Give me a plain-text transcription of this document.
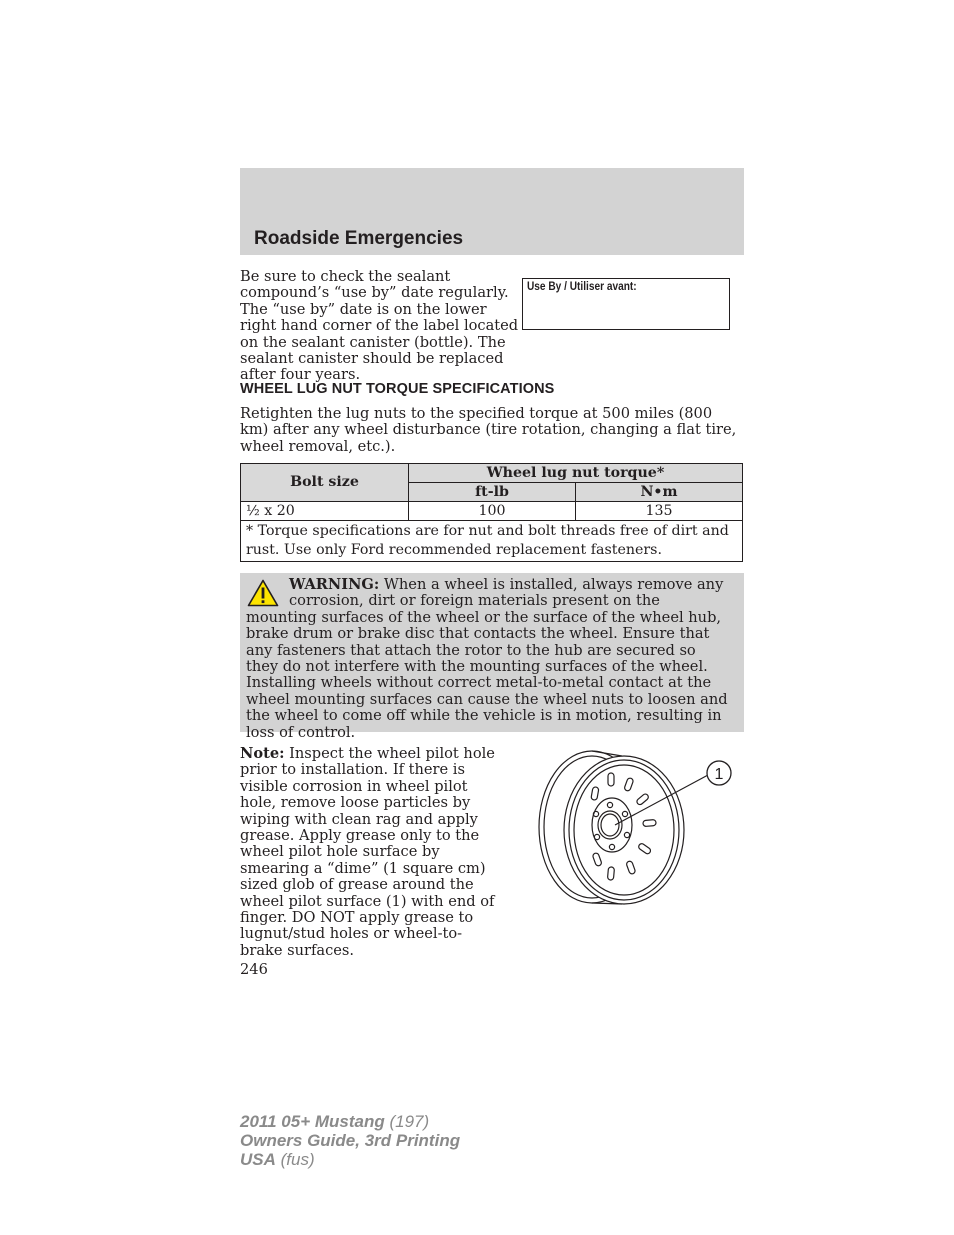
Roadside Emergencies
Be sure to check the sealant compound’s “use by” date regularly. The “use by” date is on the lower right hand corner of the label located on the sealant canister (bottle). The sealant canister should be replaced after four years.
Use By / Utiliser avant:
WHEEL LUG NUT TORQUE SPECIFICATIONS
Retighten the lug nuts to the specified torque at 500 miles (800 km) after any wheel disturbance (tire rotation, changing a flat tire, wheel removal, etc.).
Bolt size	Wheel lug nut torque*	
	ft-lb	N•m
½ x 20	100	135
* Torque specifications are for nut and bolt threads free of dirt and rust. Use only Ford recommended replacement fasteners.		
WARNING: When a wheel is installed, always remove any corrosion, dirt or foreign materials present on the mounting surfaces of the wheel or the surface of the wheel hub, brake drum or brake disc that contacts the wheel. Ensure that any fasteners that attach the rotor to the hub are secured so they do not interfere with the mounting surfaces of the wheel. Installing wheels without correct metal-to-metal contact at the wheel mounting surfaces can cause the wheel nuts to loosen and the wheel to come off while the vehicle is in motion, resulting in loss of control.
Note: Inspect the wheel pilot hole prior to installation. If there is visible corrosion in wheel pilot hole, remove loose particles by wiping with clean rag and apply grease. Apply grease only to the wheel pilot hole surface by smearing a “dime” (1 square cm) sized glob of grease around the wheel pilot surface (1) with end of finger. DO NOT apply grease to lugnut/stud holes or wheel-to-brake surfaces.
1
246
2011 05+ Mustang (197)
Owners Guide, 3rd Printing
USA (fus)
